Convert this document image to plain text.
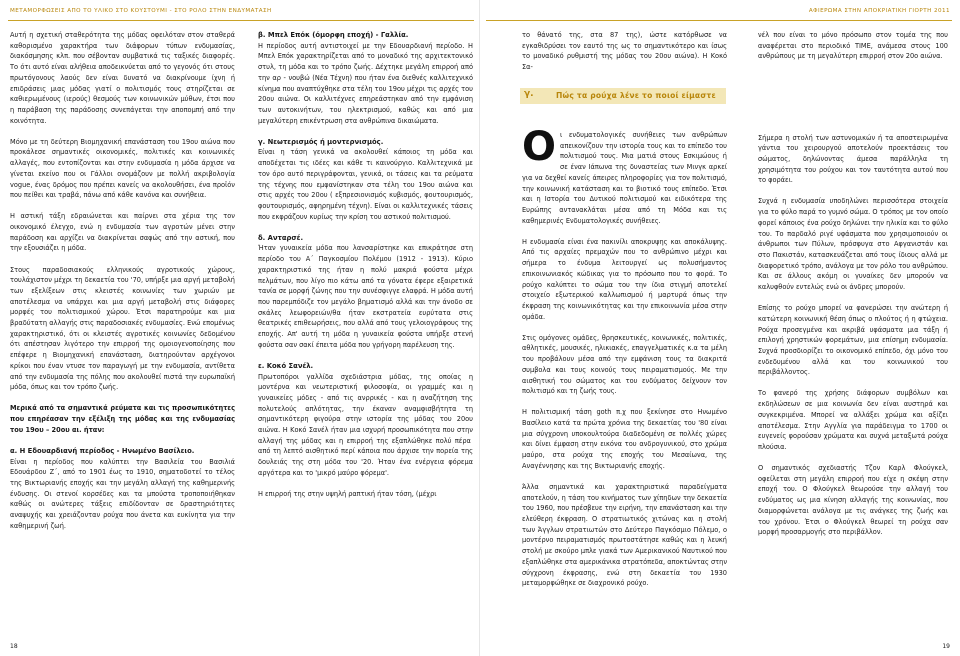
ΜΕΤΑΜΟΡΦΩΣΕΙΣ ΑΠΟ ΤΟ ΥΛΙΚΟ ΣΤΟ ΚΟΥΣΤΟΥΜΙ - ΣΤΟ ΡΟΛΟ ΣΤΗΝ ΕΝΔΥΜΑΤΑΣΗ

Αυτή η σχετική σταθερότητα της μόδας οφειλόταν στον σταθερά καθορισμένο χαρακτήρα των διάφορων τύπων ενδυμασίας, διακόσμησης κλπ. που σέβονταν συμβατικά τις ταξικές διαφορές. Το ότι αυτό είναι αλήθεια αποδεικνύεται από το γεγονός ότι στους πρωτόγονους λαούς δεν είναι δυνατό να διακρίνουμε ίχνη ή επιδράσεις μιας μόδας γιατί ο πολιτισμός τους στηρίζεται σε καθιερωμένους (ιερούς) θεσμούς των κοινωνικών μύθων, έτσι που η παράβαση της παράδοσης συνεπάγεται την αποπομπή από την κοινότητα.

Μόνο με τη δεύτερη Βιομηχανική επανάσταση του 19ου αιώνα που προκάλεσε σημαντικές οικονομικές, πολιτικές και κοινωνικές αλλαγές, που εντοπίζονται και στην ενδυμασία η μόδα άρχισε να γίνεται εκείνο που οι Γάλλοι ονομάζουν με πολλή ακριβολογία vogue, ένας δρόμος που πρέπει κανείς να ακολουθήσει, ένα προϊόν που πείθει και τραβά, πάνω από κάθε κανόνα και συνήθεια.

Η αστική τάξη εδραιώνεται και παίρνει στα χέρια της τον οικονομικό έλεγχο, ενώ η ενδυμασία των αγροτών μένει στην παράδοση και αρχίζει να διακρίνεται σαφώς από την αστική, που την εξουσιάζει η μόδα.

Στους παραδοσιακούς ελληνικούς αγροτικούς χώρους, τουλάχιστον μέχρι τη δεκαετία του '70, υπήρξε μια αργή μεταβολή των εξελίξεων στις κλειστές κοινωνίες των χωριών με αποτέλεσμα να υπάρχει και μια αργή μεταβολή στις διάφορες μορφές του πολιτισμικού χώρου. Έτσι παρατηρούμε και μια βραδύτατη αλλαγής στις παραδοσιακές ενδυμασίες. Ενώ επομένως χαρακτηριστικό, ότι οι κλειστές αγροτικές κοινωνίες δεδομένου ότι απέστησαν λιγότερο την επιρροή της ομοιογενοποίησης που επέφερε η Βιομηχανική επανάσταση, διατηρούνταν αρχέγονοι κρίκοι που έναν ντυσε τον παραγωγή με την ενδυμασία, αντίθετα από την ενδυμασία της πόλης που ακολουθεί πιστά την ευρωπαϊκή μόδα, όπως και τον τρόπο ζωής.

Μερικά από τα σημαντικά ρεύματα και τις προσωπικότητες που επηρέασαν την εξέλιξη της μόδας και της ενδυμασίας του 19ου – 20ου αι. ήταν:

α. Η Εδουαρδιανή περίοδος - Ηνωμένο Βασίλειο.

Είναι η περίοδος που καλύπτει την Βασιλεία του Βασιλιά Εδουάρδου Ζ΄, από το 1901 έως το 1910, σηματοδοτεί το τέλος της Βικτωριανής εποχής και την μεγάλη αλλαγή της καθημερινής ένδυσης. Οι στενοί κορσέδες και τα μπούστα τροποποιήθηκαν καθώς οι ανώτερες τάξεις επιδίδονταν σε δραστηριότητες αναψυχής και χρειάζονταν ρούχα που άνετα και ευκίνητα για την καθημερινή ζωή.

β. Μπελ Επόκ (όμορφη εποχή) - Γαλλία.

Η περίοδος αυτή αντιστοιχεί με την Εδουαρδιανή περίοδο. Η Μπελ Επόκ χαρακτηρίζεται από το μοναδικό της αρχιτεκτονικό στυλ, τη μόδα και το τρόπο ζωής. Δέχτηκε μεγάλη επιρροή από την αρ - νουβώ (Νέα Τέχνη) που ήταν ένα διεθνές καλλιτεχνικό κίνημα που αναπτύχθηκε στα τέλη του 19ου μέχρι τις αρχές του 20ου αιώνα. Οι καλλιτέχνες επηρεάστηκαν από την εμφάνιση των αυτοκινήτων, του ηλεκτρισμού, καθώς και από μια μεγαλύτερη επικέντρωση στα ανθρώπινα δικαιώματα.

γ. Νεωτερισμός ή μοντερνισμός.

Είναι η τάση γενικά να ακολουθεί κάποιος τη μόδα και αποδέχεται τις ιδέες και κάθε τι καινούργιο. Καλλιτεχνικά με τον όρο αυτό περιγράφονται, γενικά, οι τάσεις και τα ρεύματα της τέχνης που εμφανίστηκαν στα τέλη του 19ου αιώνα και στις αρχές του 20ου ( εξπρεσιονισμός κυβισμός, φουτουρισμός, φουτουρισμός, αφηρημένη τέχνη). Είναι οι καλλιτεχνικές τάσεις που εκφράζουν κυρίως την κρίση του αστικού πολιτισμού.

δ. Ανταρσέ.

Ήταν γυναικεία μόδα που λανσαρίστηκε και επικράτησε στη περίοδο του Α΄ Παγκοσμίου Πολέμου (1912 - 1913). Κύριο χαρακτηριστικό της ήταν η πολύ μακριά φούστα μέχρι πελμάτων, που λίγο πιο κάτω από τα γόνατα έφερε εξαιρετικά τανία σε μορφή ζώνης που την συνέσφιγγε ελαφρά. Η μόδα αυτή που παρεμπόδιζε τον μεγάλο βηματισμό αλλά και την άνοδο σε σκάλες λεωφορειών/θα ήταν εκστρατεία ευρύτατα στις θεατρικές επιθεωρήσεις, που αλλά από τους γελοιογράφους της εποχής. Απ' αυτή τη μόδα η γυναικεία φούστα υπήρξε στενή φούστα σαν σακί έπειτα μόδα που γρήγορη παρέλευση της.

ε. Κοκό Σανέλ.

Πρωτοπόροι γαλλίδα σχεδιάστρια μόδας, της οποίας η μοντέρνα και νεωτεριστική φιλοσοφία, οι γραμμές και η γυναικείες μόδες - από τις ανρρικές - και η αναζήτηση της πολυτελούς απλότητας, την έκαναν αναμφισβήτητα τη σημαντικότερη φιγούρα στην ιστορία της μόδας του 20ου αιώνα. Η Κοκό Σανέλ ήταν μια ισχυρή προσωπικότητα που στην αλλαγή της μόδας και η επιρροή της εξαπλώθηκε πολύ πέρα ​​από τη λεπτό αισθητικό περί κάποια που άρχισε την πορεία της δουλειάς της στη μόδα του '20. Ήταν ένα ενέργεια φόρεμα αργότερα και το 'μικρό μαύρο φόρεμα'.

Η επιρροή της στην υψηλή ραπτική ήταν τόση, (μέχρι

18
ΑΦΙΕΡΩΜΑ ΣΤΗΝ ΑΠΟΚΡΙΑΤΙΚΗ ΓΙΟΡΤΗ 2011

το θάνατό της, στα 87 της), ώστε κατόρθωσε να εγκαθιδρύσει τον εαυτό της ως το σημαντικότερο και ίσως το μοναδικό ρυθμιστή της μόδας του 20ου αιώνα). Η Κοκό Σα-

γ.	Πώς τα ρούχα λένε το ποιοί είμαστε

Οι ενδυματολογικές συνήθειες των ανθρώπων απεικονίζουν την ιστορία τους και το επίπεδο του πολιτισμού τους. Μια ματιά στους Εσκιμώους ή σε έναν Ιάπωνα της δυναστείας των Μινγκ αρκεί για να δεχθεί κανείς άπειρες πληροφορίες για τον πολιτισμό, την κοινωνική κατάσταση και το βιοτικό τους επίπεδο. Έτσι και η Ιστορία του Δυτικού πολιτισμού και ειδικότερα της Ευρώπης αντανακλάται μέσα από τη Μόδα και τις καθημερινές Ενδυματολογικές συνήθειες.

Η ενδυμασία είναι ένα πακινίλι αποκρυψης και αποκάλυψης. Από τις αρχαίες πρεμαχών που το ανθρώπινο μέχρι και σήμερα το ένδυμα λειτουργεί ως πολυσήμαντος επικοινωνιακός κώδικας για το πρόσωπο που το φορά. Το ρούχο καλύπτει το σώμα του την ίδια στιγμή αποτελεί στοιχείο εξωτερικού καλλωπισμού ή μαρτυρά όπως την έκφραση της κοινωνικότητας και την επικοινωνία μέσα στην ομάδα.

Στις ομόγονες ομάδες, θρησκευτικές, κοινωνικές, πολιτικές, αθλητικές, μουσικές, ηλικιακές, επαγγελματικές κ.α τα μέλη του προβάλουν μέσα από την εμφάνιση τους τα διακριτά συμβολα και τους κοινούς τους πειραματισμούς. Με την αισθητική του σώματος και του ενδύματος δείχνουν τον πολιτισμό και τη ζωής τους.

Η πολιτισμική τάση goth π.χ που ξεκίνησε στο Ηνωμένο Βασίλειο κατά τα πρώτα χρόνια της δεκαετίας του '80 είναι μια σύγχρονη υποκουλτούρα διαδεδομένη σε πολλές χώρες και δίνει έμφαση στην εικόνα του ανδρογυνικού, στο χρώμα μαύρο, στα ρούχα της εποχής του Μεσαίωνα, της Αναγέννησης και της Βικτωριανής εποχής.

Άλλα σημαντικά και χαρακτηριστικά παραδείγματα αποτελούν, η τάση του κινήματος των χίπηδων την δεκαετία του 1960, που πρέσβευε την ειρήνη, την επανάσταση και την ελεύθερη έκφραση. Ο στρατιωτικός χιτώνας και η στολή των Άγγλων στρατιωτών στο Δεύτερο Παγκόσμιο Πόλεμο, ο μοντέρνο πειραματισμός πρωτοστάτησε καθώς και η λευκή στολή με σκούρο μπλε γιακά των Αμερικανικού Ναυτικού που εξαπλώθηκε στα αμερικάνικα στρατόπεδα, αποκτώντας στην σύγχρονη έκφρασης, ενώ στη δεκαετία του 1930 μεταμορφώθηκε σε διαχρονικό ρούχο.

νέλ που είναι το μόνο πρόσωπο στον τομέα της που αναφέρεται στο περιοδικό TIME, ανάμεσα στους 100 ανθρώπους με τη μεγαλύτερη επιρροή στον 20ο αιώνα.

Σήμερα η στολή των αστυνομικών ή τα αποστειρωμένα γάντια του χειρουργού αποτελούν προεκτάσεις του σώματος, δηλώνοντας άμεσα παράλληλα τη χρησιμότητα του ρούχου και τον ταυτότητα αυτού που το φοράει.

Συχνά η ενδυμασία υποδηλώνει περισσότερα στοιχεία για το φύλο παρά το γυμνό σώμα. Ο τρόπος με τον οποίο φορεί κάποιος ένα ρούχο δηλώνει την ηλικία και το φύλο του. Το παρδαλό ριγέ υφάσματα που χρησιμοποιούν οι άνθρωποι των Πύλων, πρόσφυγα στο Αφγανιστάν και στο Πακιστάν, κατασκευάζεται από τους ίδιους αλλά με διαφορετικό τρόπο, ανάλογα με τον ρόλο του ανθρώπου. Και σε άλλους ακόμη οι γυναίκες δεν μπορούν να καλυφθούν εντελώς ενώ οι άνδρες μπορούν.

Επίσης το ρούχο μπορεί να φανερώσει την ανώτερη ή κατώτερη κοινωνική θέση όπως ο πλούτος ή η φτώχεια. Ρούχα προσεγμένα και ακριβά υφάσματα μια τάξη ή επιλογή χρηστικών φορεμάτων, μια επίσημη ενδυμασία. Συχνά προσδιορίζει το οικονομικό επίπεδο, όχι μόνο του ενδεδυμένου αλλά και του κοινωνικού του περιβάλλοντος.

Το φανερό της χρήσης διάφορων συμβόλων και εκδηλώσεων σε μια κοινωνία δεν είναι αυστηρά και συγκεκριμένα. Μπορεί να αλλάξει χρώμα και αξίζει αποτέλεσμα. Στην Αγγλία για παράδειγμα το 1700 οι ευγενείς φορούσαν χρώματα και συχνά μεταξωτά ρούχα πλούσια.

Ο σημαντικός σχεδιαστής Τζον Καρλ Φλούγκελ, οφείλεται στη μεγάλη επιρροή που είχε η σκέψη στην εποχή του. Ο Φλούγκελ θεωρούσε την αλλαγή του ενδύματος ως μια κίνηση αλλαγής της κοινωνίας, που διαμορφώνεται ανάλογα με τις ανάγκες της ζωής και του χρόνου. Έτσι ο Φλούγκελ θεωρεί τη ρούχα σαν μορφή προσαρμογής στο περιβάλλον.

19
